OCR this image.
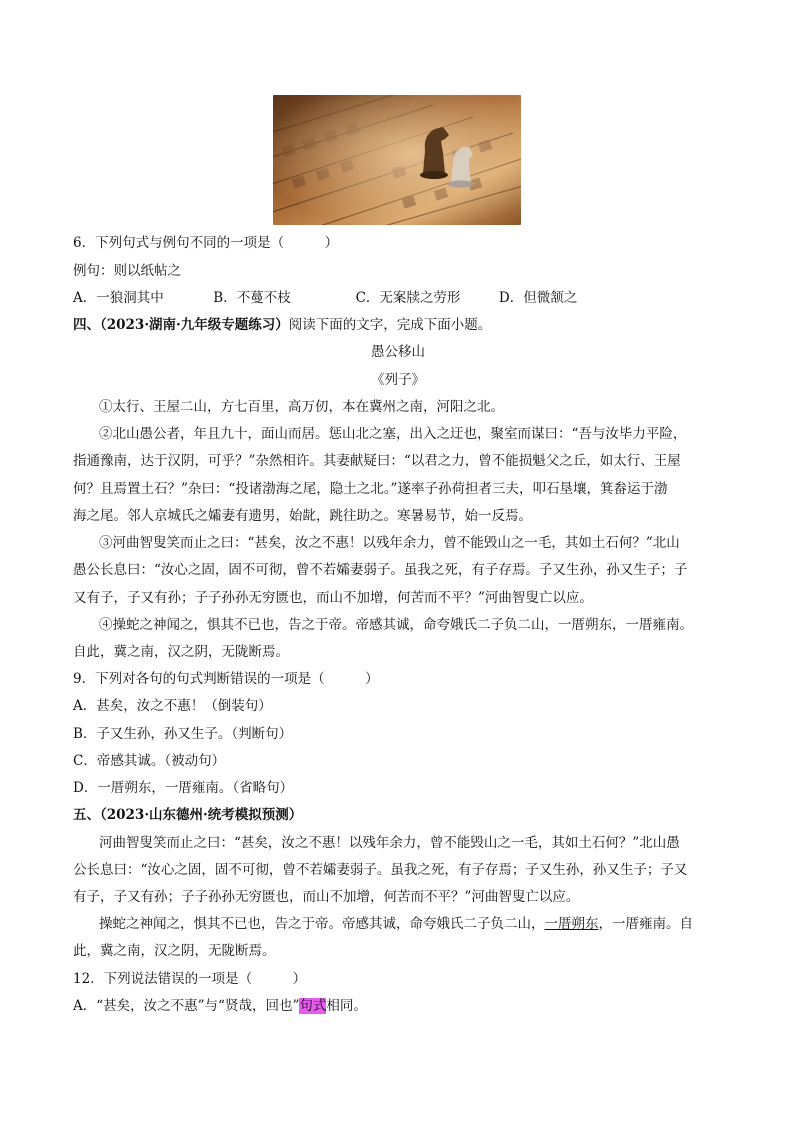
6．下列句式与例句不同的一项是（　　　）
例句：则以纸帖之
A．一狼洞其中	B．不蔓不枝	C．无案牍之劳形	D．但微颔之
四、（2023·湖南·九年级专题练习）阅读下面的文字，完成下面小题。
愚公移山
《列子》
①太行、王屋二山，方七百里，高万仞，本在冀州之南，河阳之北。
②北山愚公者，年且九十，面山而居。惩山北之塞，出入之迂也，聚室而谋曰：“吾与汝毕力平险，
指通豫南，达于汉阴，可乎？”杂然相许。其妻献疑曰：“以君之力，曾不能损魁父之丘，如太行、王屋
何？且焉置土石？”杂曰：“投诸渤海之尾，隐土之北。”遂率子孙荷担者三夫，叩石垦壤，箕畚运于渤
海之尾。邻人京城氏之孀妻有遗男，始龀，跳往助之。寒暑易节，始一反焉。
③河曲智叟笑而止之曰：“甚矣，汝之不惠！以残年余力，曾不能毁山之一毛，其如土石何？”北山
愚公长息曰：“汝心之固，固不可彻，曾不若孀妻弱子。虽我之死，有子存焉。子又生孙，孙又生子；子
又有子，子又有孙；子子孙孙无穷匮也，而山不加增，何苦而不平？”河曲智叟亡以应。
④操蛇之神闻之，惧其不已也，告之于帝。帝感其诚，命夸娥氏二子负二山，一厝朔东，一厝雍南。
自此，冀之南，汉之阴，无陇断焉。
9．下列对各句的句式判断错误的一项是（　　　）
A．甚矣，汝之不惠！（倒装句）
B．子又生孙，孙又生子。（判断句）
C．帝感其诚。（被动句）
D．一厝朔东，一厝雍南。（省略句）
五、（2023·山东德州·统考模拟预测）
河曲智叟笑而止之曰：“甚矣，汝之不惠！以残年余力，曾不能毁山之一毛，其如土石何？”北山愚
公长息曰：“汝心之固，固不可彻，曾不若孀妻弱子。虽我之死，有子存焉；子又生孙，孙又生子；子又
有子，子又有孙；子子孙孙无穷匮也，而山不加增，何苦而不平？”河曲智叟亡以应。
操蛇之神闻之，惧其不已也，告之于帝。帝感其诚，命夸娥氏二子负二山，一厝朔东，一厝雍南。自
此，冀之南，汉之阴，无陇断焉。
12．下列说法错误的一项是（　　　）
A．“甚矣，汝之不惠”与“贤哉，回也”句式相同。
